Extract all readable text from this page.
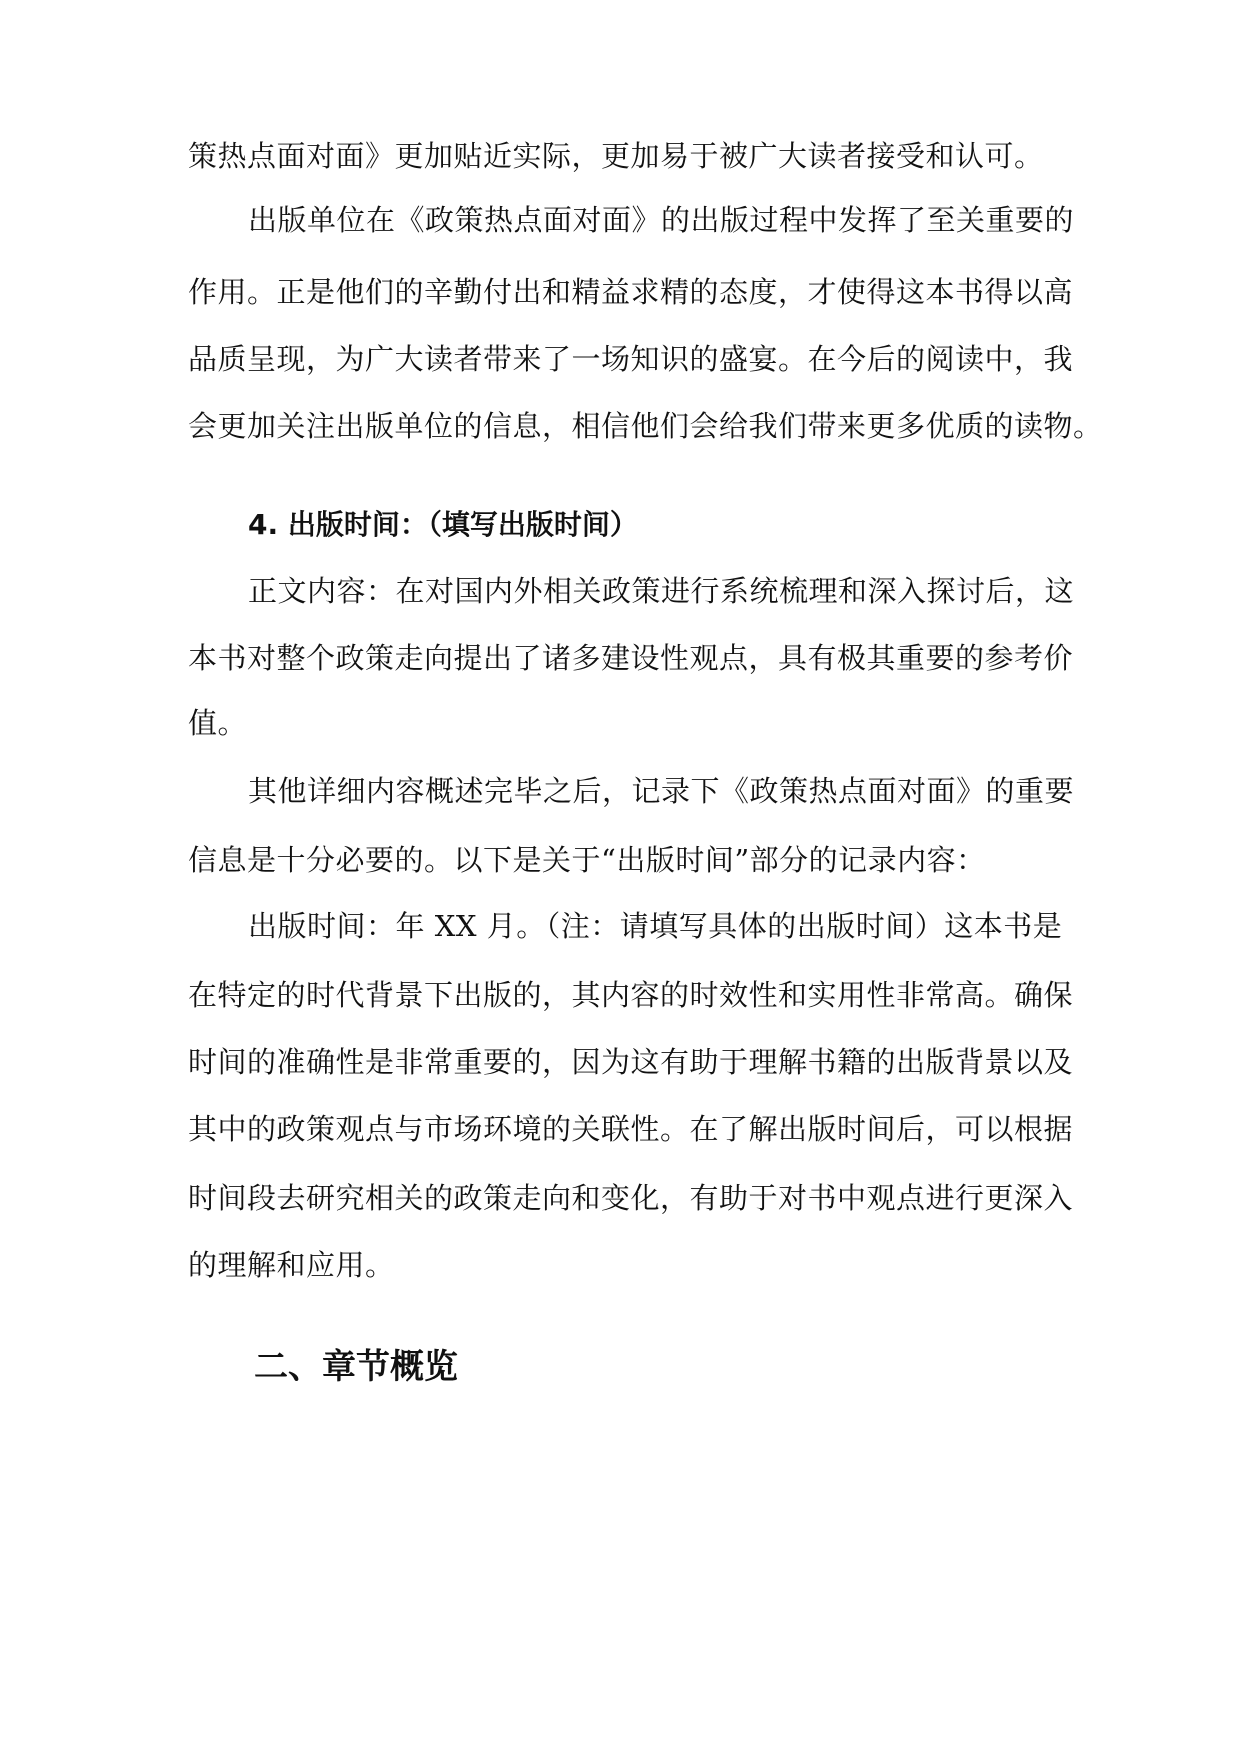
策热点面对面》更加贴近实际，更加易于被广大读者接受和认可。
出版单位在《政策热点面对面》的出版过程中发挥了至关重要的
作用。正是他们的辛勤付出和精益求精的态度，才使得这本书得以高
品质呈现，为广大读者带来了一场知识的盛宴。在今后的阅读中，我
会更加关注出版单位的信息，相信他们会给我们带来更多优质的读物。
4. 出版时间：（填写出版时间）
正文内容：在对国内外相关政策进行系统梳理和深入探讨后，这
本书对整个政策走向提出了诸多建设性观点，具有极其重要的参考价
值。
其他详细内容概述完毕之后，记录下《政策热点面对面》的重要
信息是十分必要的。以下是关于“出版时间”部分的记录内容：
出版时间：年 XX 月。（注：请填写具体的出版时间）这本书是
在特定的时代背景下出版的，其内容的时效性和实用性非常高。确保
时间的准确性是非常重要的，因为这有助于理解书籍的出版背景以及
其中的政策观点与市场环境的关联性。在了解出版时间后，可以根据
时间段去研究相关的政策走向和变化，有助于对书中观点进行更深入
的理解和应用。
二、章节概览
